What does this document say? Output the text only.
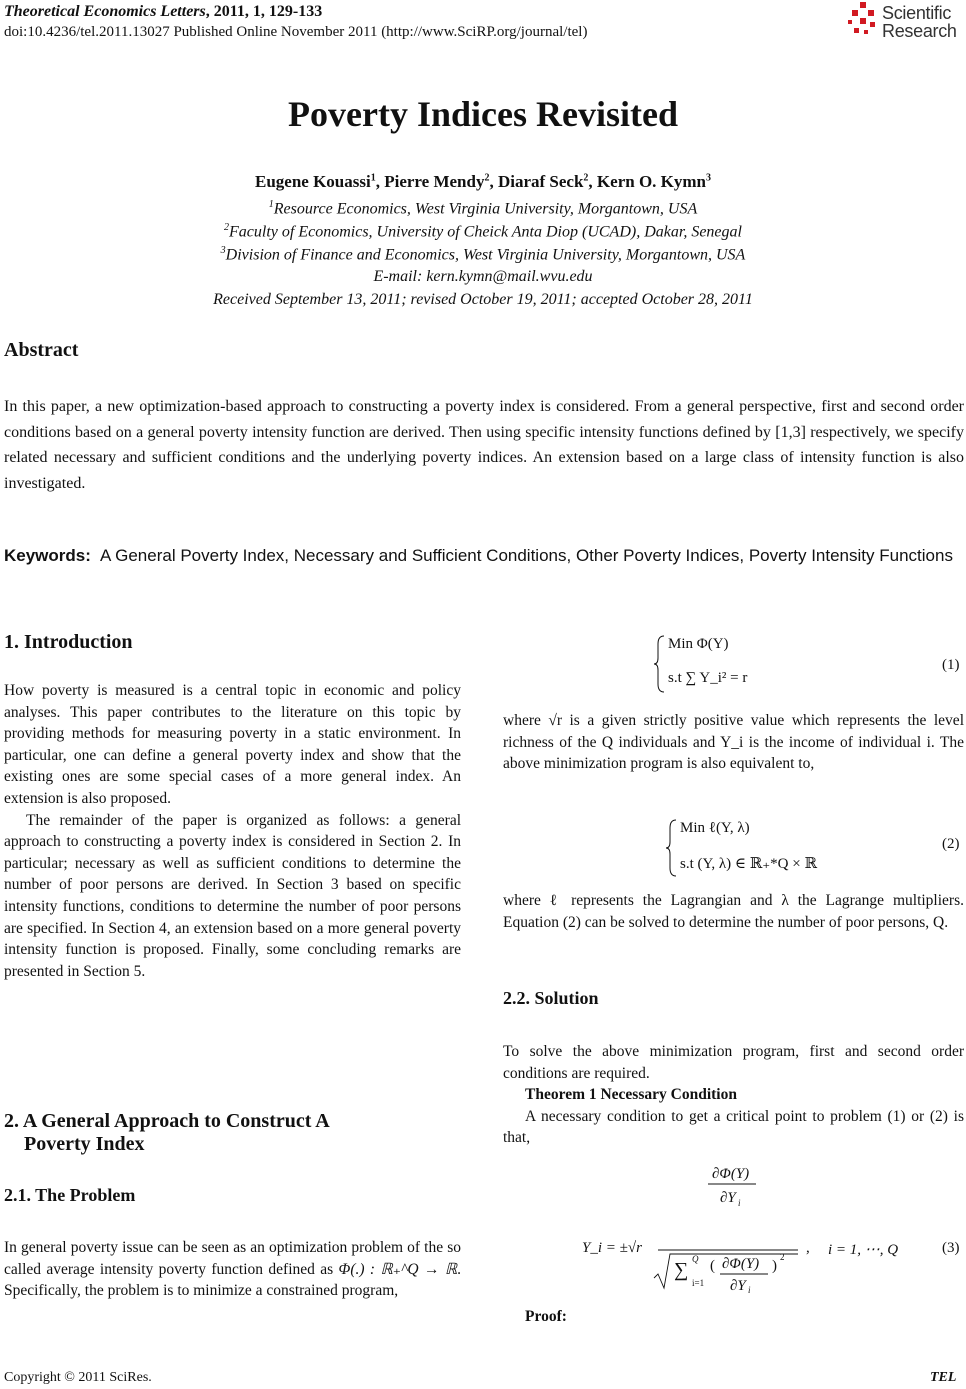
Theoretical Economics Letters, 2011, 1, 129-133
doi:10.4236/tel.2011.13027 Published Online November 2011 (http://www.SciRP.org/journal/tel)
Scientific
Research
Poverty Indices Revisited
Eugene Kouassi$^1$, Pierre Mendy$^2$, Diaraf Seck$^2$, Kern O. Kymn$^3$
$^1$Resource Economics, West Virginia University, Morgantown, USA
$^2$Faculty of Economics, University of Cheick Anta Diop (UCAD), Dakar, Senegal
$^3$Division of Finance and Economics, West Virginia University, Morgantown, USA
E-mail: kern.kymn@mail.wvu.edu
Received September 13, 2011; revised October 19, 2011; accepted October 28, 2011
Abstract
In this paper, a new optimization-based approach to constructing a poverty index is considered. From a general perspective, first and second order conditions based on a general poverty intensity function are derived. Then using specific intensity functions defined by [1,3] respectively, we specify related necessary and sufficient conditions and the underlying poverty indices. An extension based on a large class of intensity function is also investigated.
Keywords: A General Poverty Index, Necessary and Sufficient Conditions, Other Poverty Indices, Poverty Intensity Functions
1. Introduction

How poverty is measured is a central topic in economic and policy analyses. This paper contributes to the literature on this topic by providing methods for measuring poverty in a static environment. In particular, one can define a general poverty index and show that the existing ones are some special cases of a more general index. An extension is also proposed.

The remainder of the paper is organized as follows: a general approach to constructing a poverty index is considered in Section 2. In particular; necessary as well as sufficient conditions to determine the number of poor persons are derived. In Section 3 based on specific intensity functions, conditions to determine the number of poor persons are specified. In Section 4, an extension based on a more general poverty intensity function is proposed. Finally, some concluding remarks are presented in Section 5.

2. A General Approach to Construct A
Poverty Index
2.1. The Problem

In general poverty issue can be seen as an optimization problem of the so called average intensity poverty function defined as Φ(.) : ℝ₊^Q → ℝ. Specifically, the problem is to minimize a constrained program,

Min Φ(Y)
s.t ∑ Y_i² = r
(1)
where √r is a given strictly positive value which represents the level richness of the Q individuals and Y_i is the income of individual i. The above minimization program is also equivalent to,
Min ℓ(Y, λ)
s.t (Y, λ) ∈ ℝ₊*Q × ℝ
(2)
where ℓ represents the Lagrangian and λ the Lagrange multipliers. Equation (2) can be solved to determine the number of poor persons, Q.
2.2. Solution

To solve the above minimization program, first and second order conditions are required.

Theorem 1 Necessary Condition

A necessary condition to get a critical point to problem (1) or (2) is that,

Y_i = ±√r
∂Φ(Y)
∂Y i
∑ Q
i=1
( ∂Φ(Y)
∂Y i
)
2
, i = 1, ⋯, Q	(3)
Proof:
Copyright © 2011 SciRes.	TEL
